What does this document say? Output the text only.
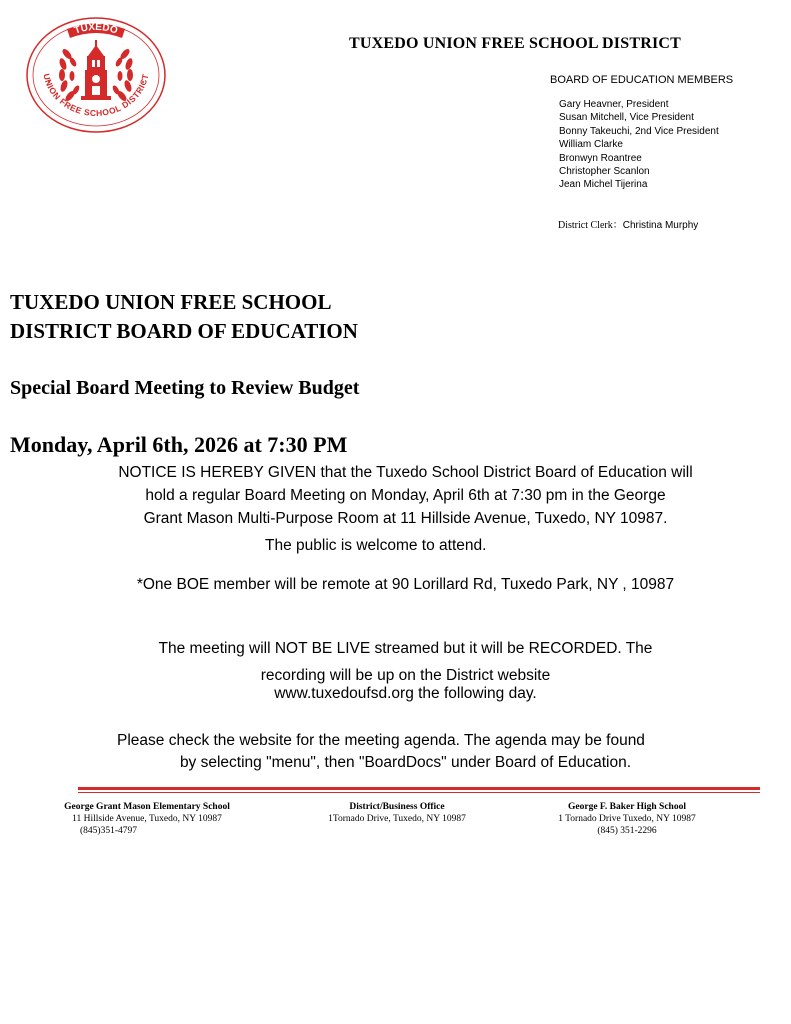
TUXEDO
UNION FREE SCHOOL DISTRICT
TUXEDO UNION FREE SCHOOL DISTRICT
BOARD OF EDUCATION MEMBERS
Gary Heavner, President
Susan Mitchell, Vice President
Bonny Takeuchi, 2nd Vice President
William Clarke
Bronwyn Roantree
Christopher Scanlon
Jean Michel Tijerina
District Clerk：Christina Murphy
TUXEDO UNION FREE SCHOOL
DISTRICT BOARD OF EDUCATION
Special Board Meeting to Review Budget
Monday, April 6th, 2026 at 7:30 PM
NOTICE IS HEREBY GIVEN that the Tuxedo School District Board of Education will
hold a regular Board Meeting on Monday, April 6th at 7:30 pm in the George
Grant Mason Multi-Purpose Room at 11 Hillside Avenue, Tuxedo, NY 10987.
The public is welcome to attend.
*One BOE member will be remote at 90 Lorillard Rd, Tuxedo Park, NY , 10987
The meeting will NOT BE LIVE streamed but it will be RECORDED. The
recording will be up on the District website
www.tuxedoufsd.org the following day.
Please check the website for the meeting agenda. The agenda may be found
by selecting "menu", then "BoardDocs" under Board of Education.
George Grant Mason Elementary School
11 Hillside Avenue, Tuxedo, NY 10987
(845)351-4797
District/Business Office
1Tornado Drive, Tuxedo, NY 10987
George F. Baker High School
1 Tornado Drive Tuxedo, NY 10987
(845) 351-2296
